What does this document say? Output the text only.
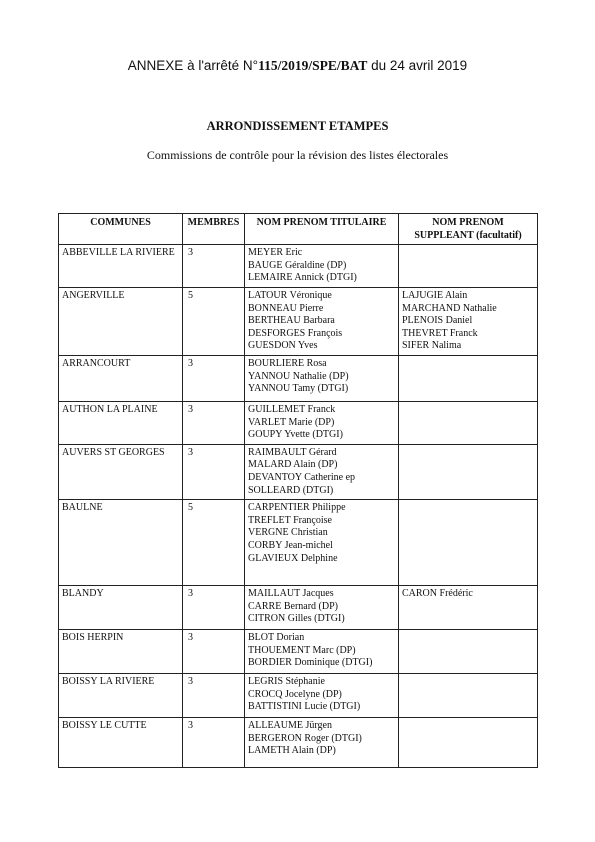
ANNEXE à l'arrêté N°115/2019/SPE/BAT du 24 avril 2019
ARRONDISSEMENT ETAMPES
Commissions de contrôle pour la révision des listes électorales
COMMUNES	MEMBRES	NOM PRENOM TITULAIRE	NOM PRENOM SUPPLEANT (facultatif)
ABBEVILLE LA RIVIERE	3	MEYER Eric
BAUGE Géraldine (DP)
LEMAIRE Annick (DTGI)	

ANGERVILLE	5	LATOUR Véronique
BONNEAU Pierre
BERTHEAU Barbara
DESFORGES François
GUESDON Yves	LAJUGIE Alain
MARCHAND Nathalie
PLENOIS Daniel
THEVRET Franck
SIFER Nalima

ARRANCOURT	3	BOURLIERE Rosa
YANNOU Nathalie (DP)
YANNOU Tamy (DTGI)	

AUTHON LA PLAINE	3	GUILLEMET Franck
VARLET Marie (DP)
GOUPY Yvette (DTGI)	

AUVERS ST GEORGES	3	RAIMBAULT Gérard
MALARD Alain (DP)
DEVANTOY Catherine ep
SOLLEARD (DTGI)	

BAULNE	5	CARPENTIER Philippe
TREFLET Françoise
VERGNE Christian
CORBY Jean-michel
GLAVIEUX Delphine	

BLANDY	3	MAILLAUT Jacques
CARRE Bernard (DP)
CITRON Gilles (DTGI)	CARON Frédéric

BOIS HERPIN	3	BLOT Dorian
THOUEMENT Marc (DP)
BORDIER Dominique (DTGI)	

BOISSY LA RIVIERE	3	LEGRIS Stéphanie
CROCQ Jocelyne (DP)
BATTISTINI Lucie (DTGI)	

BOISSY LE CUTTE	3	ALLEAUME Jürgen
BERGERON Roger (DTGI)
LAMETH Alain (DP)	
